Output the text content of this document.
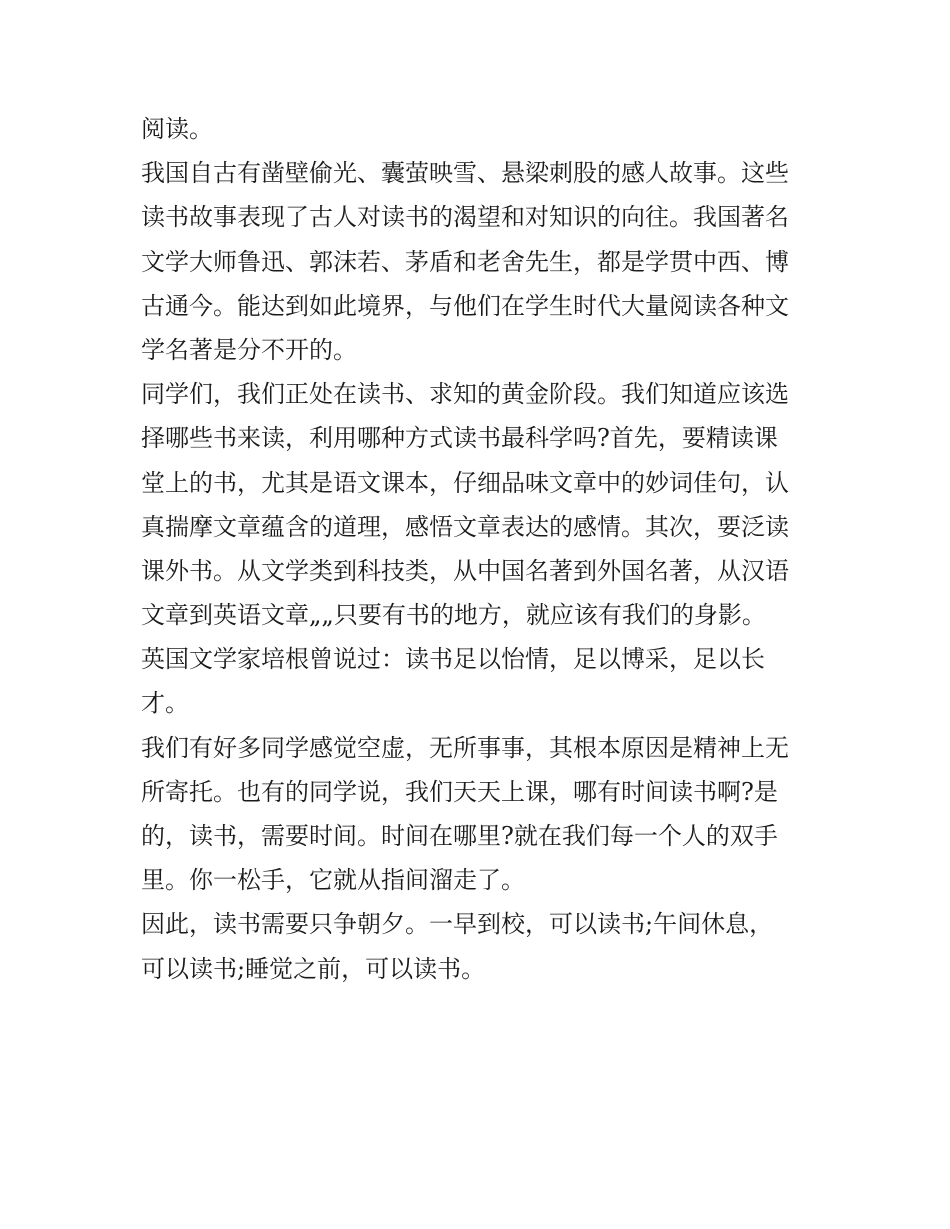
阅读。
我国自古有凿壁偷光、囊萤映雪、悬梁刺股的感人故事。这些
读书故事表现了古人对读书的渴望和对知识的向往。我国著名
文学大师鲁迅、郭沫若、茅盾和老舍先生，都是学贯中西、博
古通今。能达到如此境界，与他们在学生时代大量阅读各种文
学名著是分不开的。
同学们，我们正处在读书、求知的黄金阶段。我们知道应该选
择哪些书来读，利用哪种方式读书最科学吗?首先，要精读课
堂上的书，尤其是语文课本，仔细品味文章中的妙词佳句，认
真揣摩文章蕴含的道理，感悟文章表达的感情。其次，要泛读
课外书。从文学类到科技类，从中国名著到外国名著，从汉语
文章到英语文章„„只要有书的地方，就应该有我们的身影。
英国文学家培根曾说过：读书足以怡情，足以博采，足以长
才。
我们有好多同学感觉空虚，无所事事，其根本原因是精神上无
所寄托。也有的同学说，我们天天上课，哪有时间读书啊?是
的，读书，需要时间。时间在哪里?就在我们每一个人的双手
里。你一松手，它就从指间溜走了。
因此，读书需要只争朝夕。一早到校，可以读书;午间休息，
可以读书;睡觉之前，可以读书。
